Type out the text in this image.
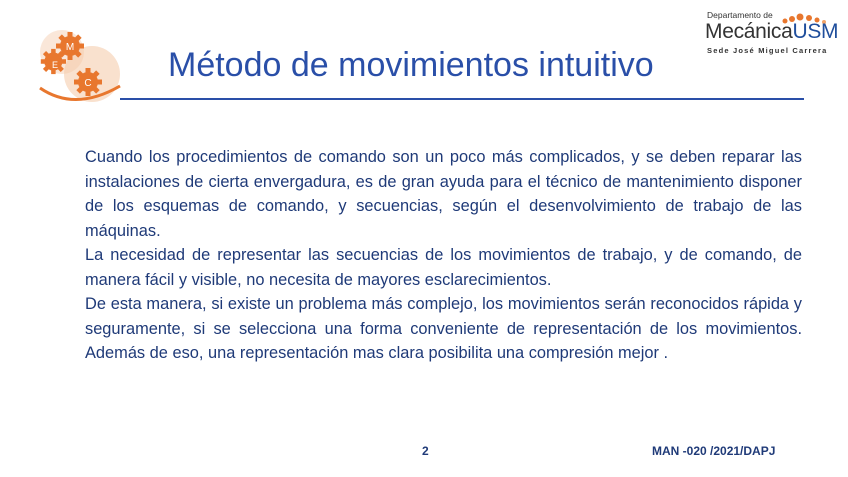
M
E
C
Departamento de
MecánicaUSM
Sede José Miguel Carrera
Método de movimientos intuitivo

Cuando los procedimientos de comando son un poco más complicados, y se deben reparar las instalaciones de cierta envergadura, es de gran ayuda para el técnico de mantenimiento disponer de los esquemas de comando, y secuencias, según el desenvolvimiento de trabajo de las máquinas.

La necesidad de representar las secuencias de los movimientos de trabajo, y de comando, de manera fácil y visible, no necesita de mayores esclarecimientos.

De esta manera, si existe un problema más complejo, los movimientos serán reconocidos rápida y seguramente, si se selecciona una forma conveniente de representación de los movimientos. Además de eso, una representación mas clara posibilita una compresión mejor .

2	MAN -020 /2021/DAPJ
